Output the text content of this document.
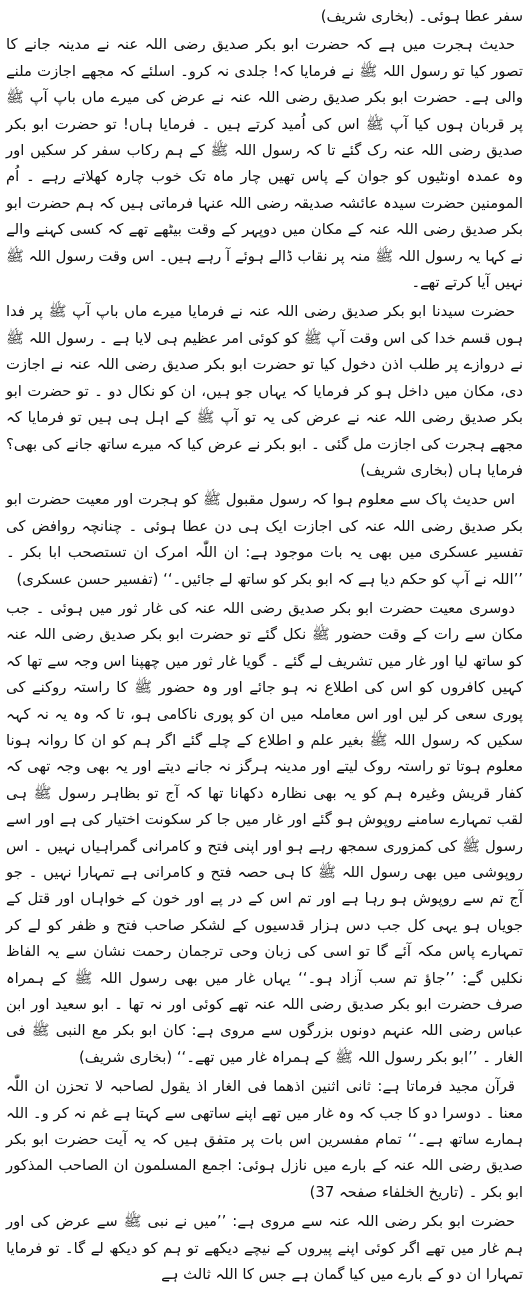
سفر عطا ہوئی۔ (بخاری شریف)

حدیث ہجرت میں ہے کہ حضرت ابو بکر صدیق رضی اللہ عنہ نے مدینہ جانے کا تصور کیا تو رسول اللہ ﷺ نے فرمایا کہ! جلدی نہ کرو۔ اسلئے کہ مجھے اجازت ملنے والی ہے۔ حضرت ابو بکر صدیق رضی اللہ عنہ نے عرض کی میرے ماں باپ آپ ﷺ پر قربان ہوں کیا آپ ﷺ اس کی اُمید کرتے ہیں ۔ فرمایا ہاں! تو حضرت ابو بکر صدیق رضی اللہ عنہ رک گئے تا کہ رسول اللہ ﷺ کے ہم رکاب سفر کر سکیں اور وہ عمدہ اونٹیوں کو جوان کے پاس تھیں چار ماہ تک خوب چارہ کھلاتے رہے ۔ اُم المومنین حضرت سیدہ عائشہ صدیقہ رضی اللہ عنہا فرماتی ہیں کہ ہم حضرت ابو بکر صدیق رضی اللہ عنہ کے مکان میں دوپہر کے وقت بیٹھے تھے کہ کسی کہنے والے نے کہا یہ رسول اللہ ﷺ منہ پر نقاب ڈالے ہوئے آ رہے ہیں۔ اس وقت رسول اللہ ﷺ نہیں آیا کرتے تھے۔

حضرت سیدنا ابو بکر صدیق رضی اللہ عنہ نے فرمایا میرے ماں باپ آپ ﷺ پر فدا ہوں قسم خدا کی اس وقت آپ ﷺ کو کوئی امر عظیم ہی لایا ہے ۔ رسول اللہ ﷺ نے دروازے پر طلب اذن دخول کیا تو حضرت ابو بکر صدیق رضی اللہ عنہ نے اجازت دی، مکان میں داخل ہو کر فرمایا کہ یہاں جو ہیں، ان کو نکال دو ۔ تو حضرت ابو بکر صدیق رضی اللہ عنہ نے عرض کی یہ تو آپ ﷺ کے اہل ہی ہیں تو فرمایا کہ مجھے ہجرت کی اجازت مل گئی ۔ ابو بکر نے عرض کیا کہ میرے ساتھ جانے کی بھی؟ فرمایا ہاں (بخاری شریف)

اس حدیث پاک سے معلوم ہوا کہ رسول مقبول ﷺ کو ہجرت اور معیت حضرت ابو بکر صدیق رضی اللہ عنہ کی اجازت ایک ہی دن عطا ہوئی ۔ چنانچہ روافض کی تفسیر عسکری میں بھی یہ بات موجود ہے: ان اللّٰہ امرک ان تستصحب ابا بکر ۔ ’’اللہ نے آپ کو حکم دیا ہے کہ ابو بکر کو ساتھ لے جائیں۔‘‘ (تفسیر حسن عسکری)

دوسری معیت حضرت ابو بکر صدیق رضی اللہ عنہ کی غار ثور میں ہوئی ۔ جب مکان سے رات کے وقت حضور ﷺ نکل گئے تو حضرت ابو بکر صدیق رضی اللہ عنہ کو ساتھ لیا اور غار میں تشریف لے گئے ۔ گویا غار ثور میں چھپنا اس وجہ سے تھا کہ کہیں کافروں کو اس کی اطلاع نہ ہو جائے اور وہ حضور ﷺ کا راستہ روکنے کی پوری سعی کر لیں اور اس معاملہ میں ان کو پوری ناکامی ہو، تا کہ وہ یہ نہ کہہ سکیں کہ رسول اللہ ﷺ بغیر علم و اطلاع کے چلے گئے اگر ہم کو ان کا روانہ ہونا معلوم ہوتا تو راستہ روک لیتے اور مدینہ ہرگز نہ جانے دیتے اور یہ بھی وجہ تھی کہ کفار قریش وغیرہ ہم کو یہ بھی نظارہ دکھانا تھا کہ آج تو بظاہر رسول ﷺ ہی لقب تمہارے سامنے روپوش ہو گئے اور غار میں جا کر سکونت اختیار کی ہے اور اسے رسول ﷺ کی کمزوری سمجھ رہے ہو اور اپنی فتح و کامرانی گمراہیاں نہیں ۔ اس روپوشی میں بھی رسول اللہ ﷺ کا ہی حصہ فتح و کامرانی ہے تمہارا نہیں ۔ جو آج تم سے روپوش ہو رہا ہے اور تم اس کے در پے اور خون کے خواہاں اور قتل کے جویاں ہو یہی کل جب دس ہزار قدسیوں کے لشکر صاحب فتح و ظفر کو لے کر تمہارے پاس مکہ آئے گا تو اسی کی زبان وحی ترجمان رحمت نشان سے یہ الفاظ نکلیں گے: ’’جاؤ تم سب آزاد ہو۔‘‘ یہاں غار میں بھی رسول اللہ ﷺ کے ہمراہ صرف حضرت ابو بکر صدیق رضی اللہ عنہ تھے کوئی اور نہ تھا ۔ ابو سعید اور ابن عباس رضی اللہ عنہم دونوں بزرگوں سے مروی ہے: کان ابو بکر مع النبی ﷺ فی الغار ۔ ’’ابو بکر رسول اللہ ﷺ کے ہمراہ غار میں تھے۔‘‘ (بخاری شریف)

قرآن مجید فرماتا ہے: ثانی اثنین اذھما فی الغار اذ یقول لصاحبہ لا تحزن ان اللّٰہ معنا ۔ دوسرا دو کا جب کہ وہ غار میں تھے اپنے ساتھی سے کہتا ہے غم نہ کر و۔ اللہ ہمارے ساتھ ہے۔‘‘ تمام مفسرین اس بات پر متفق ہیں کہ یہ آیت حضرت ابو بکر صدیق رضی اللہ عنہ کے بارے میں نازل ہوئی: اجمع المسلمون ان الصاحب المذکور ابو بکر ۔ (تاریخ الخلفاء صفحہ 37)

حضرت ابو بکر رضی اللہ عنہ سے مروی ہے: ’’میں نے نبی ﷺ سے عرض کی اور ہم غار میں تھے اگر کوئی اپنے پیروں کے نیچے دیکھے تو ہم کو دیکھ لے گا۔ تو فرمایا تمہارا ان دو کے بارے میں کیا گمان ہے جس کا اللہ ثالث ہے
